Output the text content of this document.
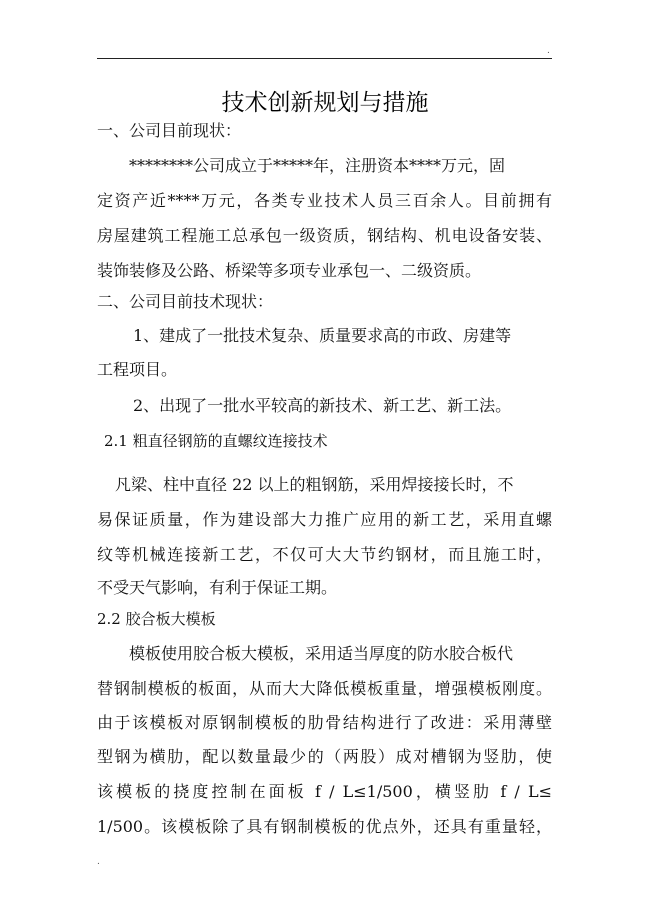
.
技术创新规划与措施
一、公司目前现状：
********公司成立于*****年，注册资本****万元，固
定资产近****万元，各类专业技术人员三百余人。目前拥有
房屋建筑工程施工总承包一级资质，钢结构、机电设备安装、
装饰装修及公路、桥梁等多项专业承包一、二级资质。
二、公司目前技术现状：
1、建成了一批技术复杂、质量要求高的市政、房建等
工程项目。
2、出现了一批水平较高的新技术、新工艺、新工法。
2.1 粗直径钢筋的直螺纹连接技术
凡梁、柱中直径 22 以上的粗钢筋，采用焊接接长时，不
易保证质量，作为建设部大力推广应用的新工艺，采用直螺
纹等机械连接新工艺，不仅可大大节约钢材，而且施工时，
不受天气影响，有利于保证工期。
2.2 胶合板大模板
模板使用胶合板大模板，采用适当厚度的防水胶合板代
替钢制模板的板面，从而大大降低模板重量，增强模板刚度。
由于该模板对原钢制模板的肋骨结构进行了改进：采用薄壁
型钢为横肋，配以数量最少的（两股）成对槽钢为竖肋，使
该模板的挠度控制在面板 f / L≤1/500，横竖肋 f / L≤
1/500。该模板除了具有钢制模板的优点外，还具有重量轻，
.
